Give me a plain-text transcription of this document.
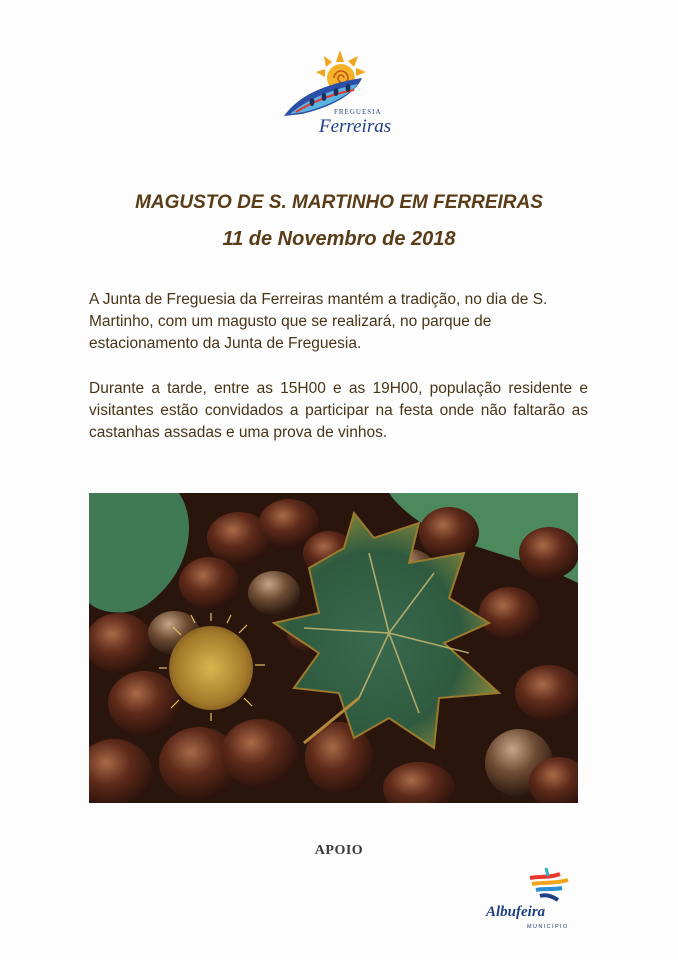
FREGUESIA
Ferreiras
MAGUSTO DE S. MARTINHO EM FERREIRAS
11 de Novembro de 2018
A Junta de Freguesia da Ferreiras mantém a tradição, no dia de S. Martinho, com um magusto que se realizará, no parque de estacionamento da Junta de Freguesia.
Durante a tarde, entre as 15H00 e as 19H00, população residente e visitantes estão convidados a participar na festa onde não faltarão as castanhas assadas e uma prova de vinhos.
APOIO
Albufeira
MUNICÍPIO
